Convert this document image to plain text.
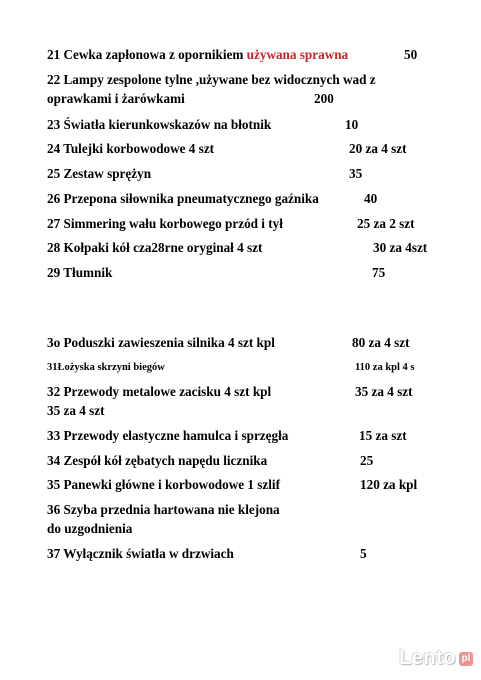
21 Cewka zapłonowa z opornikiem używana sprawna	50
22 Lampy zespolone tylne ,używane bez widocznych wad z
oprawkami i żarówkami	200
23 Światła kierunkowskazów na błotnik	10
24 Tulejki korbowodowe 4 szt	20 za 4 szt
25 Zestaw sprężyn	35
26 Przepona siłownika pneumatycznego gaźnika	40
27 Simmering wału korbowego przód i tył	25 za 2 szt
28 Kołpaki kół cza28rne oryginał 4 szt	30 za 4szt
29 Tłumnik	75
3o Poduszki zawieszenia silnika 4 szt kpl	80 za 4 szt
31Łożyska skrzyni biegów	110 za kpl 4 s
32 Przewody metalowe zacisku 4 szt kpl	35 za 4 szt
35 za 4 szt
33 Przewody elastyczne hamulca i sprzęgła	15 za szt
34 Zespół kół zębatych napędu licznika	25
35 Panewki główne i korbowodowe 1 szlif	120 za kpl
36 Szyba przednia hartowana nie klejona
do uzgodnienia
37 Wyłącznik światła w drzwiach	5
Lento pl
